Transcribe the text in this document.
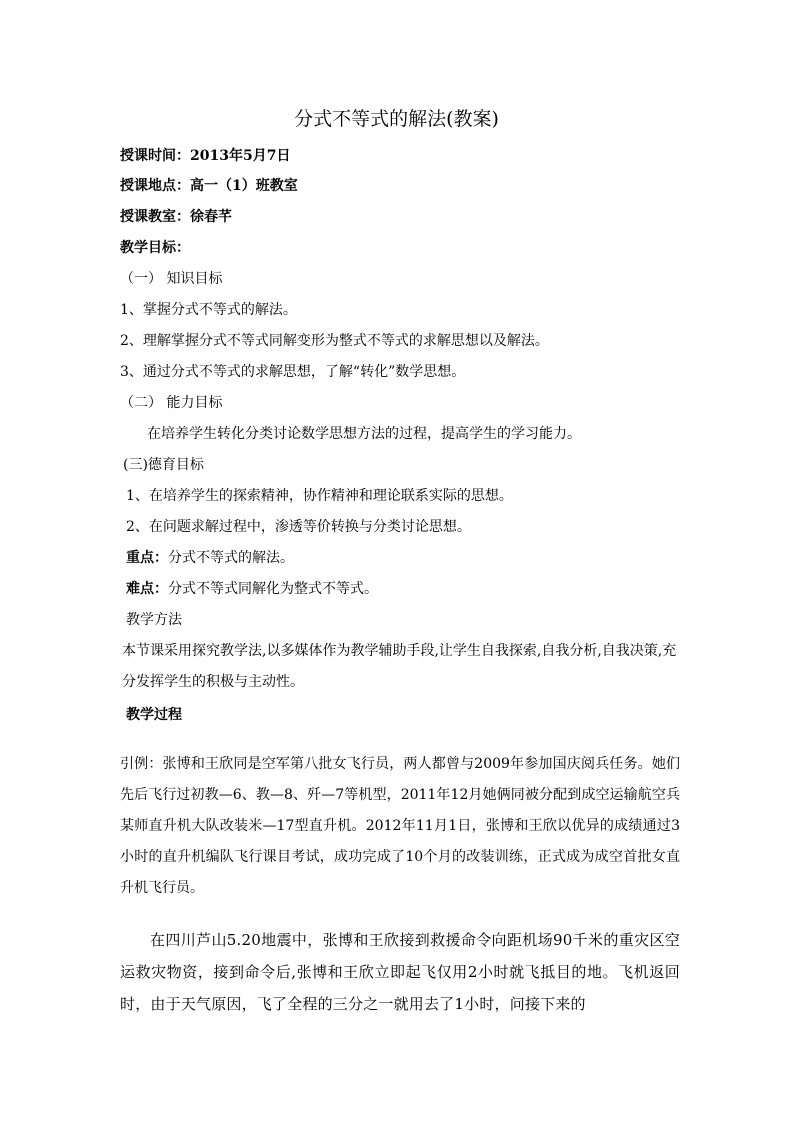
分式不等式的解法(教案)
授课时间：2013年5月7日
授课地点：高一（1）班教室
授课教室：徐春芊
教学目标：
（一） 知识目标
1、掌握分式不等式的解法。
2、理解掌握分式不等式同解变形为整式不等式的求解思想以及解法。
3、通过分式不等式的求解思想，了解“转化”数学思想。
（二） 能力目标
在培养学生转化分类讨论数学思想方法的过程，提高学生的学习能力。
(三)德育目标
1、在培养学生的探索精神，协作精神和理论联系实际的思想。
2、在问题求解过程中，渗透等价转换与分类讨论思想。
重点：分式不等式的解法。
难点：分式不等式同解化为整式不等式。
教学方法
本节课采用探究教学法,以多媒体作为教学辅助手段,让学生自我探索,自我分析,自我决策,充分发挥学生的积极与主动性。
教学过程
引例：张博和王欣同是空军第八批女飞行员，两人都曾与2009年参加国庆阅兵任务。她们先后飞行过初教—6、教—8、歼—7等机型，2011年12月她俩同被分配到成空运输航空兵某师直升机大队改装米—17型直升机。2012年11月1日，张博和王欣以优异的成绩通过3小时的直升机编队飞行课目考试，成功完成了10个月的改装训练，正式成为成空首批女直升机飞行员。
在四川芦山5.20地震中，张博和王欣接到救援命令向距机场90千米的重灾区空运救灾物资，接到命令后,张博和王欣立即起飞仅用2小时就飞抵目的地。飞机返回时，由于天气原因，飞了全程的三分之一就用去了1小时，问接下来的
